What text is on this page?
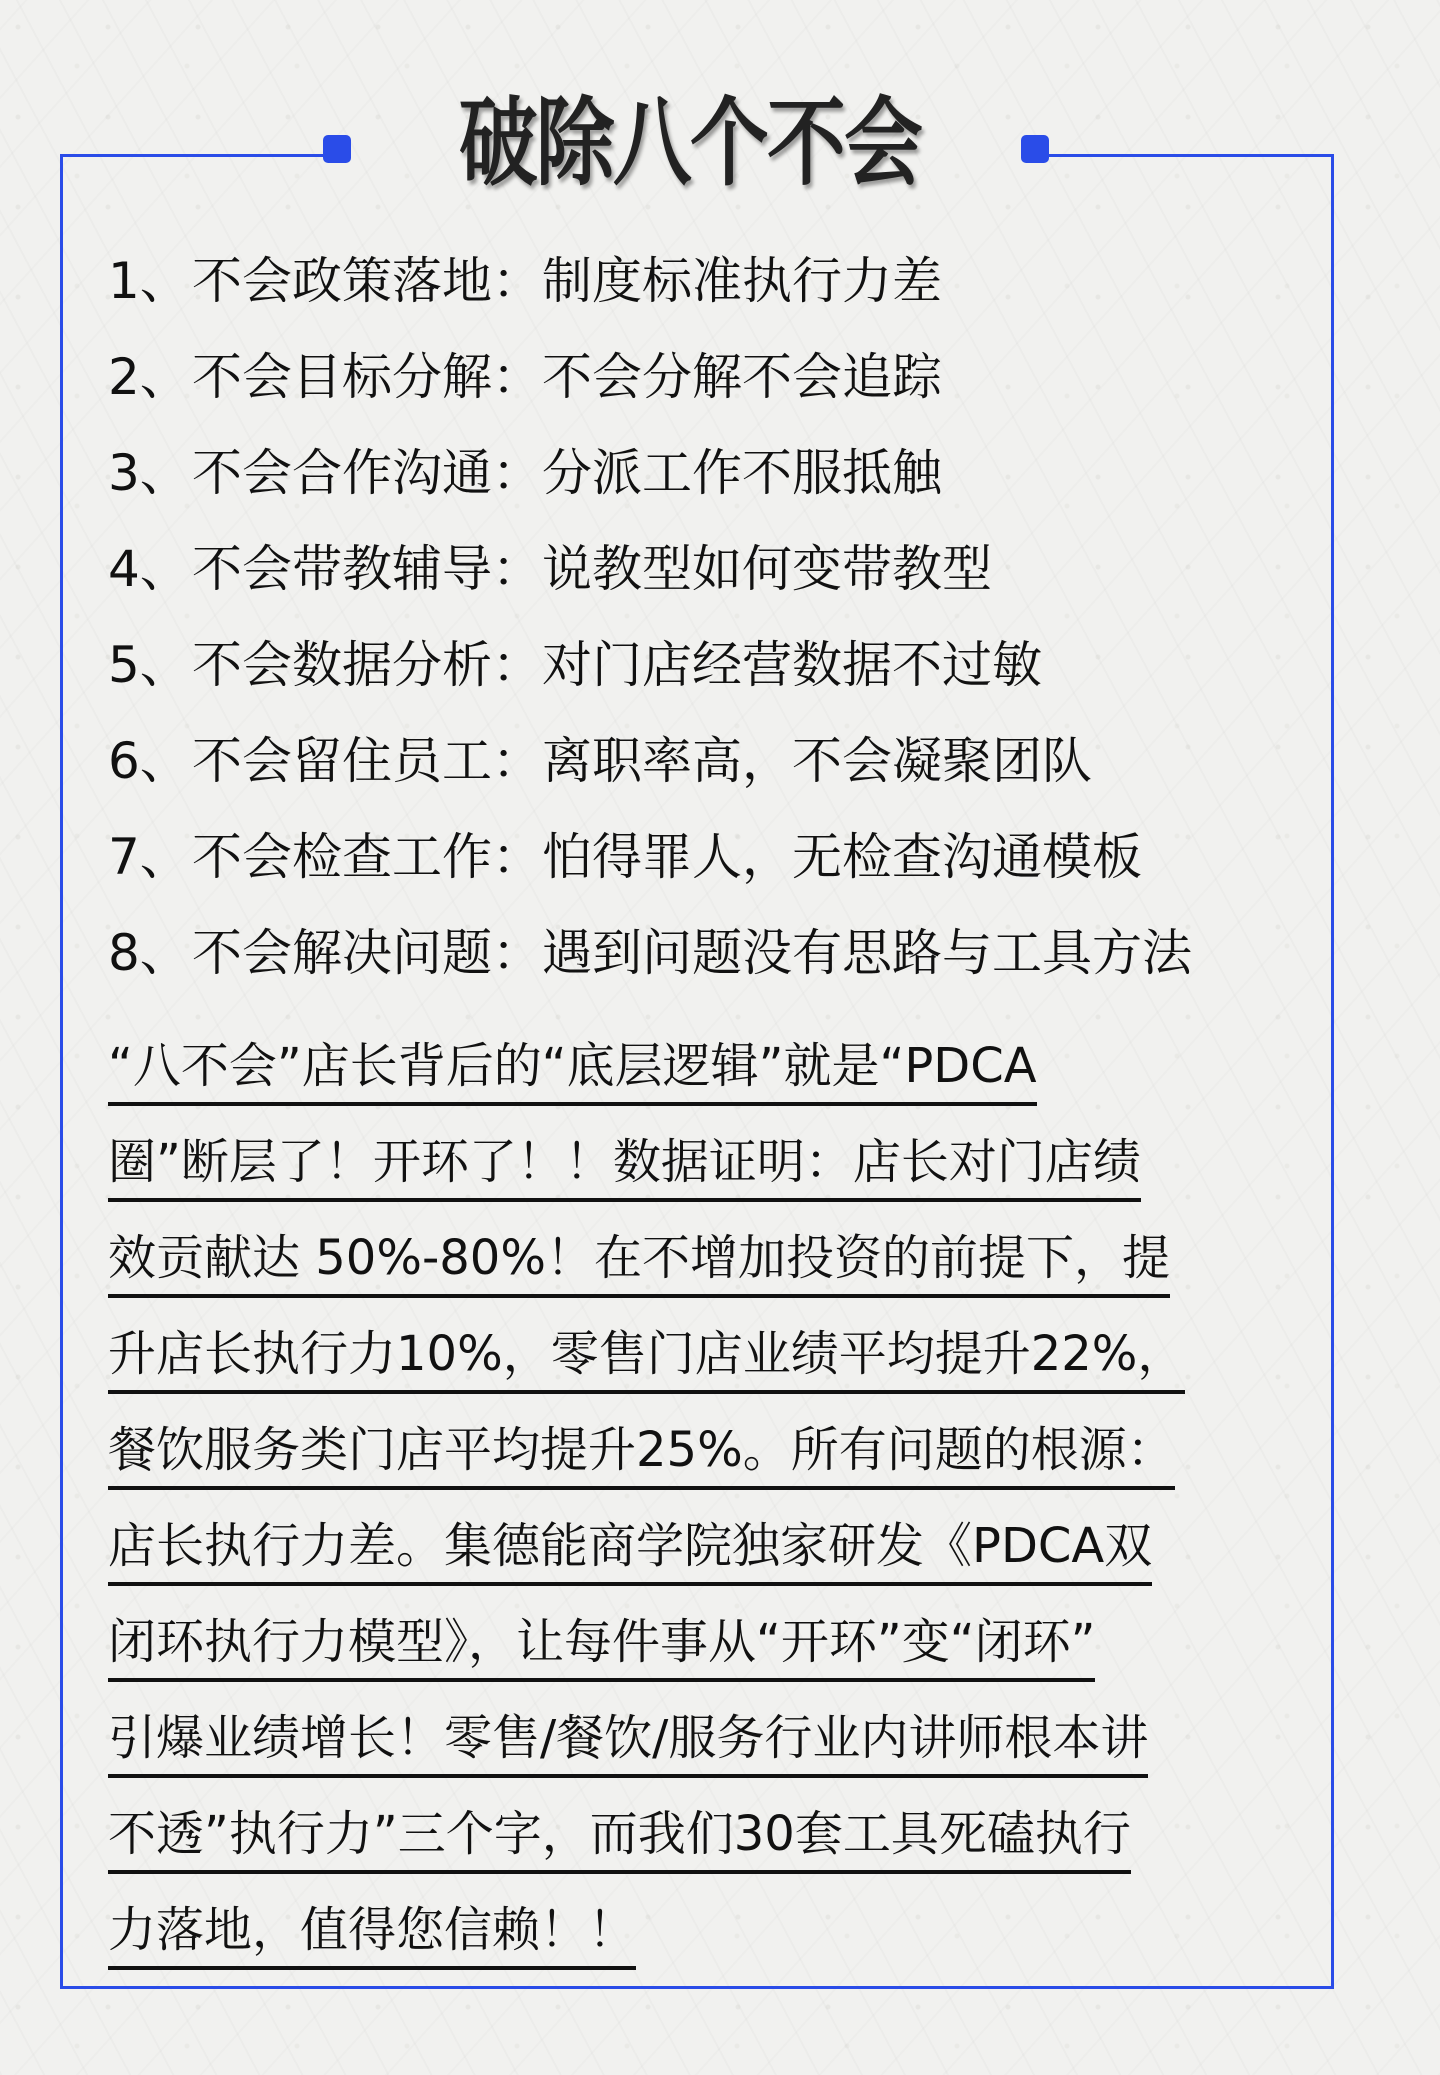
破除八个不会
1、不会政策落地：制度标准执行力差
2、不会目标分解：不会分解不会追踪
3、不会合作沟通：分派工作不服抵触
4、不会带教辅导：说教型如何变带教型
5、不会数据分析：对门店经营数据不过敏
6、不会留住员工：离职率高，不会凝聚团队
7、不会检查工作：怕得罪人，无检查沟通模板
8、不会解决问题：遇到问题没有思路与工具方法
“八不会”店长背后的“底层逻辑”就是“PDCA
圈”断层了！开环了！！数据证明：店长对门店绩
效贡献达 50%-80%！在不增加投资的前提下，提
升店长执行力10%，零售门店业绩平均提升22%，
餐饮服务类门店平均提升25%。所有问题的根源：
店长执行力差。集德能商学院独家研发《PDCA双
闭环执行力模型》，让每件事从“开环”变“闭环”
引爆业绩增长！零售/餐饮/服务行业内讲师根本讲
不透”执行力”三个字，而我们30套工具死磕执行
力落地，值得您信赖！！
